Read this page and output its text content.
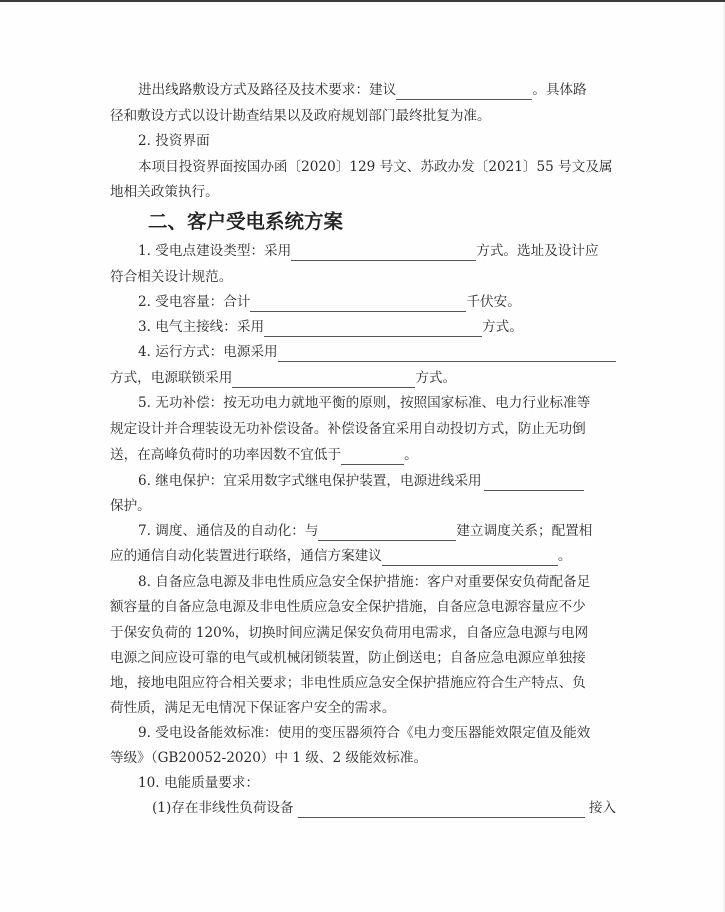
进出线路敷设方式及路径及技术要求：建议	。具体路
径和敷设方式以设计勘查结果以及政府规划部门最终批复为准。
2. 投资界面
本项目投资界面按国办函〔2020〕129 号文、苏政办发〔2021〕55 号文及属
地相关政策执行。
二、客户受电系统方案
1. 受电点建设类型：采用	方式。选址及设计应
符合相关设计规范。
2. 受电容量：合计	千伏安。
3. 电气主接线：采用	方式。
4. 运行方式：电源采用
方式，电源联锁采用	方式。
5. 无功补偿：按无功电力就地平衡的原则，按照国家标准、电力行业标准等
规定设计并合理装设无功补偿设备。补偿设备宜采用自动投切方式，防止无功倒
送，在高峰负荷时的功率因数不宜低于	。
6. 继电保护：宜采用数字式继电保护装置，电源进线采用
保护。
7. 调度、通信及的自动化：与	建立调度关系；配置相
应的通信自动化装置进行联络，通信方案建议	。
8. 自备应急电源及非电性质应急安全保护措施：客户对重要保安负荷配备足
额容量的自备应急电源及非电性质应急安全保护措施，自备应急电源容量应不少
于保安负荷的 120%，切换时间应满足保安负荷用电需求，自备应急电源与电网
电源之间应设可靠的电气或机械闭锁装置，防止倒送电；自备应急电源应单独接
地，接地电阻应符合相关要求；非电性质应急安全保护措施应符合生产特点、负
荷性质，满足无电情况下保证客户安全的需求。
9. 受电设备能效标准：使用的变压器须符合《电力变压器能效限定值及能效
等级》（GB20052-2020）中 1 级、2 级能效标准。
10. 电能质量要求：
(1)存在非线性负荷设备	接入
